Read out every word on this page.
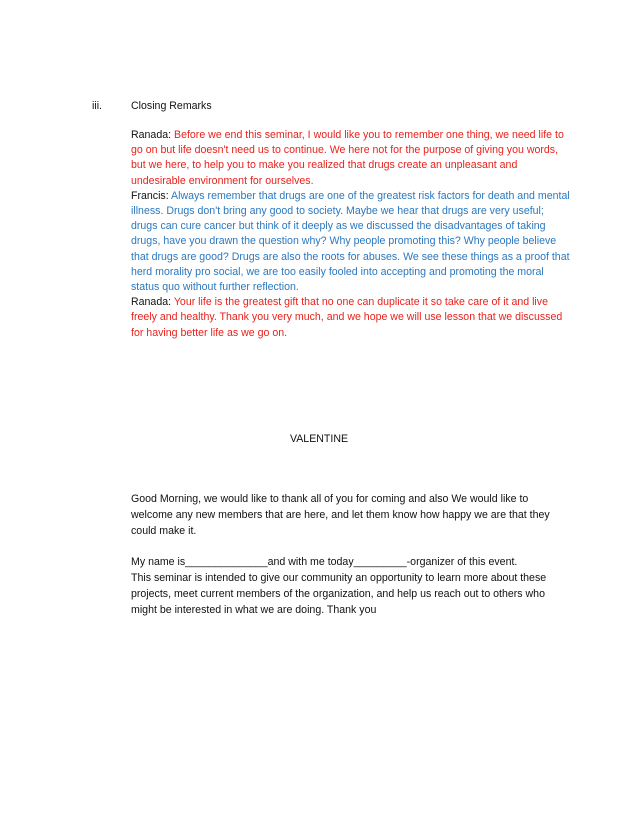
iii.	Closing Remarks

Ranada: Before we end this seminar, I would like you to remember one thing, we need life to go on but life doesn't need us to continue. We here not for the purpose of giving you words, but we here, to help you to make you realized that drugs create an unpleasant and undesirable environment for ourselves.

Francis: Always remember that drugs are one of the greatest risk factors for death and mental illness. Drugs don't bring any good to society. Maybe we hear that drugs are very useful; drugs can cure cancer but think of it deeply as we discussed the disadvantages of taking drugs, have you drawn the question why? Why people promoting this? Why people believe that drugs are good? Drugs are also the roots for abuses. We see these things as a proof that herd morality pro social, we are too easily fooled into accepting and promoting the moral status quo without further reflection.

Ranada: Your life is the greatest gift that no one can duplicate it so take care of it and live freely and healthy. Thank you very much, and we hope we will use lesson that we discussed for having better life as we go on.

VALENTINE

Good Morning, we would like to thank all of you for coming and also We would like to welcome any new members that are here, and let them know how happy we are that they could make it.

My name is______________and with me today_________-organizer of this event.

This seminar is intended to give our community an opportunity to learn more about these projects, meet current members of the organization, and help us reach out to others who might be interested in what we are doing. Thank you
